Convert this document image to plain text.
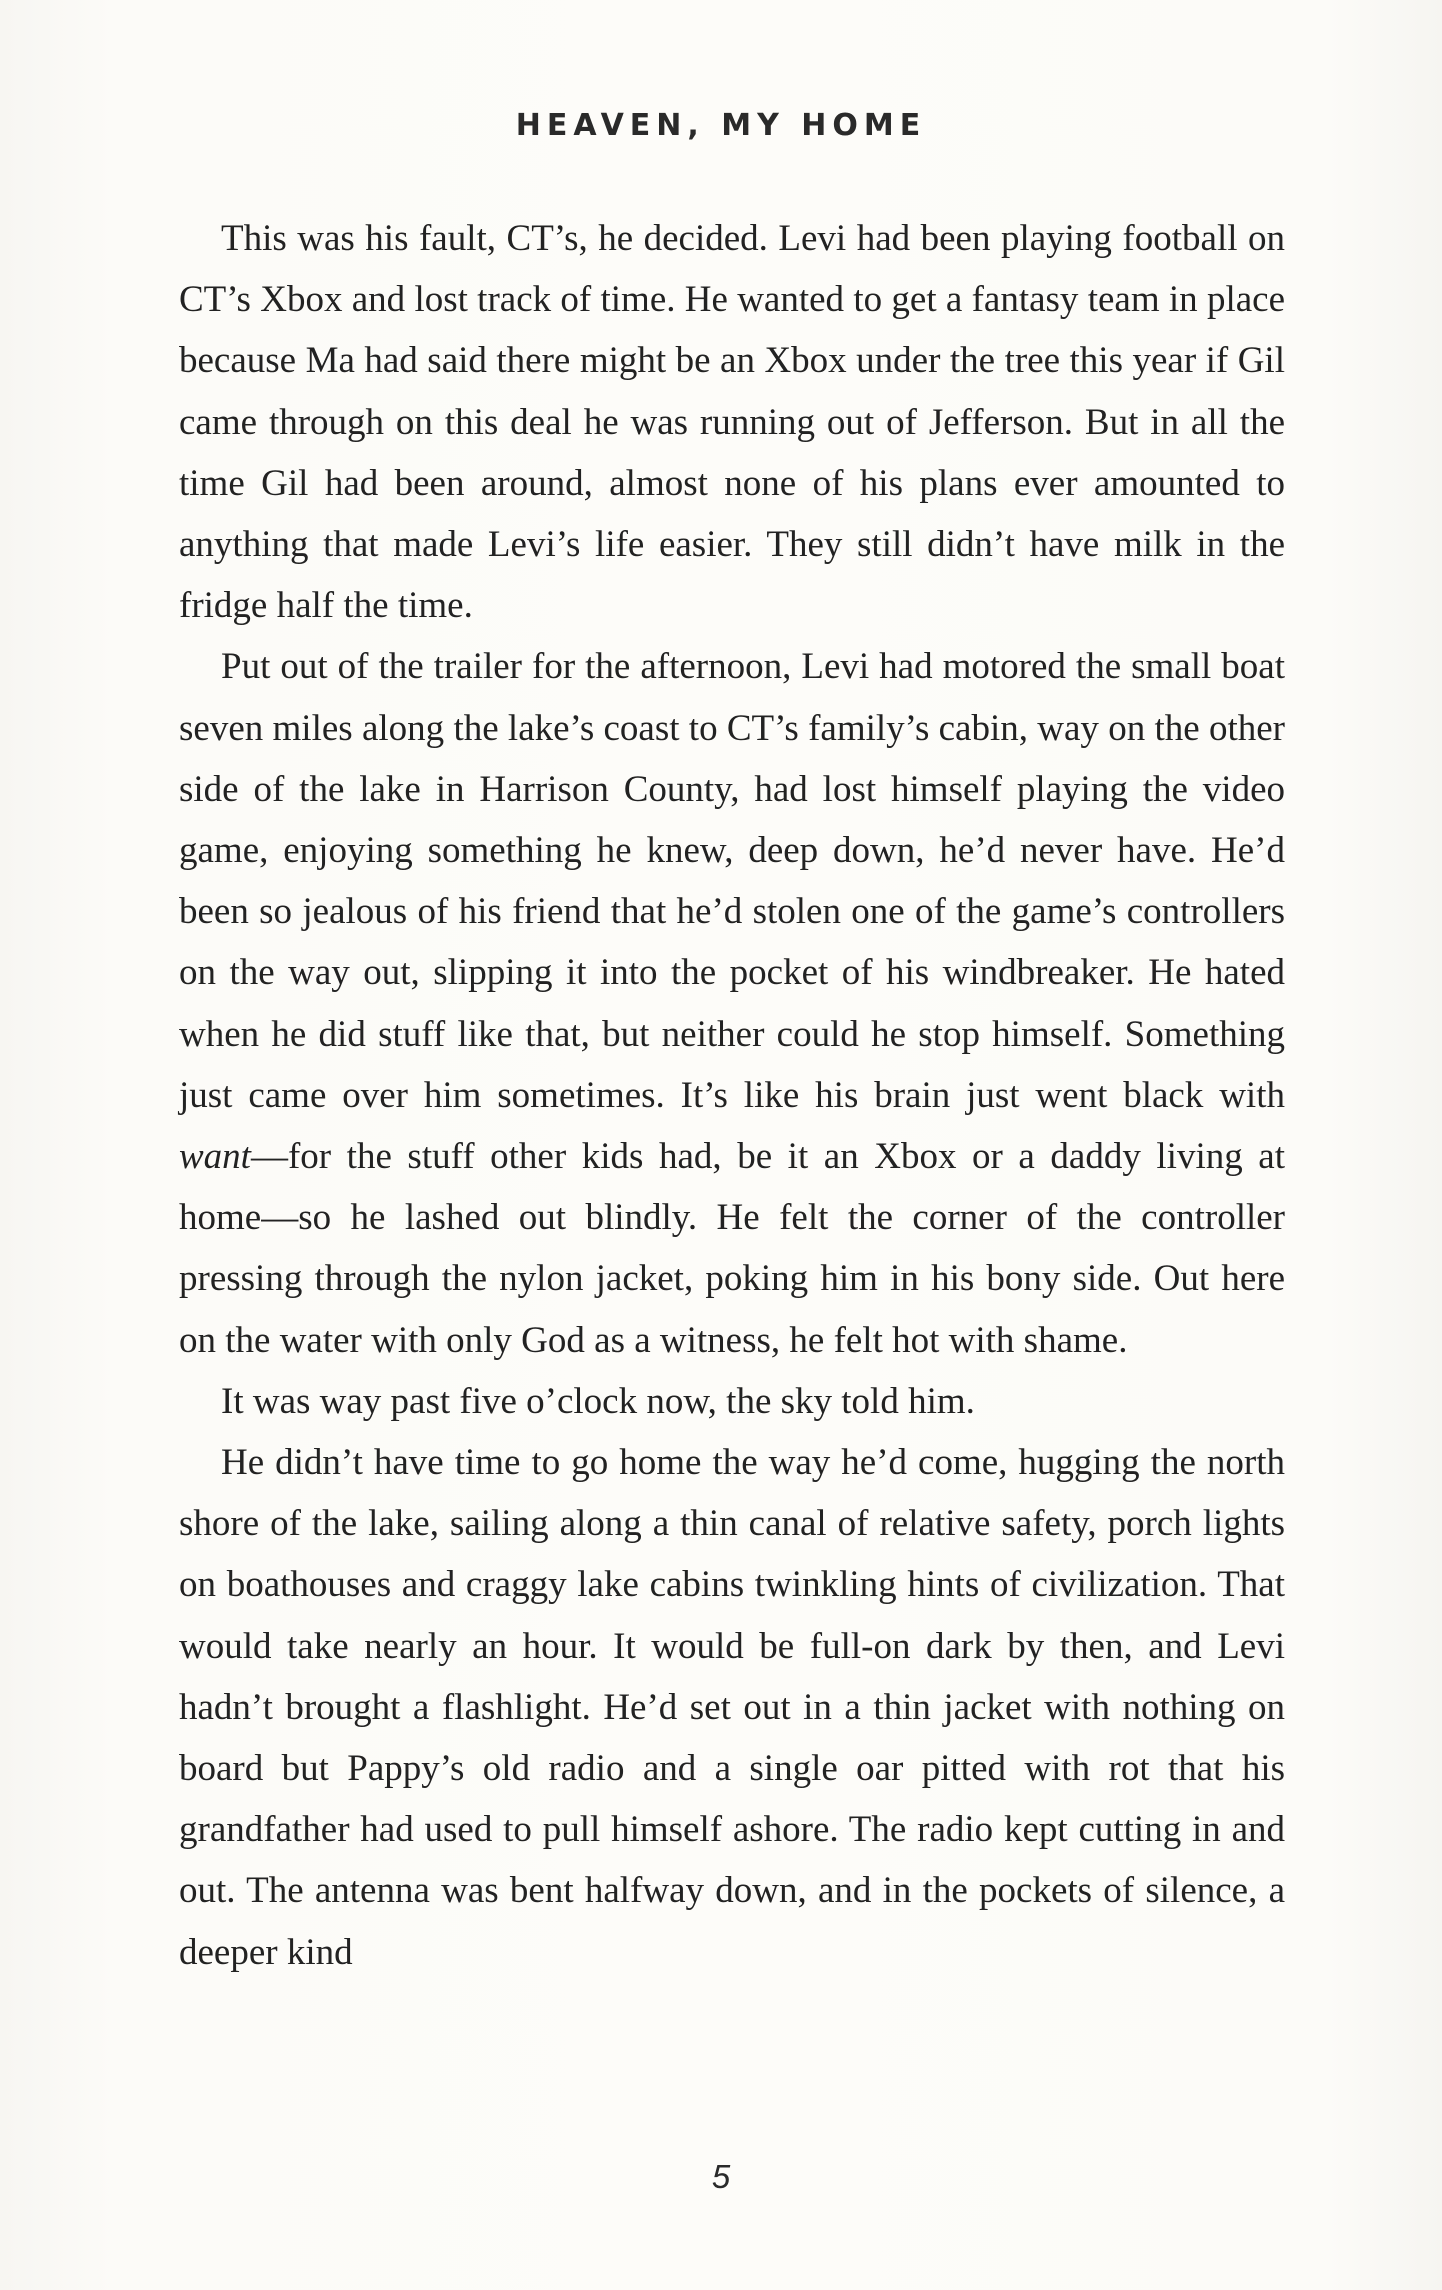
HEAVEN, MY HOME

This was his fault, CT’s, he decided. Levi had been playing football on CT’s Xbox and lost track of time. He wanted to get a fantasy team in place because Ma had said there might be an Xbox under the tree this year if Gil came through on this deal he was running out of Jefferson. But in all the time Gil had been around, almost none of his plans ever amounted to anything that made Levi’s life easier. They still didn’t have milk in the fridge half the time.

Put out of the trailer for the afternoon, Levi had motored the small boat seven miles along the lake’s coast to CT’s family’s cabin, way on the other side of the lake in Harrison County, had lost himself playing the video game, enjoying something he knew, deep down, he’d never have. He’d been so jealous of his friend that he’d stolen one of the game’s controllers on the way out, slipping it into the pocket of his windbreaker. He hated when he did stuff like that, but neither could he stop himself. Something just came over him sometimes. It’s like his brain just went black with want—for the stuff other kids had, be it an Xbox or a daddy living at home—so he lashed out blindly. He felt the corner of the controller pressing through the nylon jacket, poking him in his bony side. Out here on the water with only God as a witness, he felt hot with shame.

It was way past five o’clock now, the sky told him.

He didn’t have time to go home the way he’d come, hugging the north shore of the lake, sailing along a thin canal of relative safety, porch lights on boathouses and craggy lake cabins twinkling hints of civilization. That would take nearly an hour. It would be full-on dark by then, and Levi hadn’t brought a flashlight. He’d set out in a thin jacket with nothing on board but Pappy’s old radio and a single oar pitted with rot that his grandfather had used to pull himself ashore. The radio kept cutting in and out. The antenna was bent halfway down, and in the pockets of silence, a deeper kind

5
